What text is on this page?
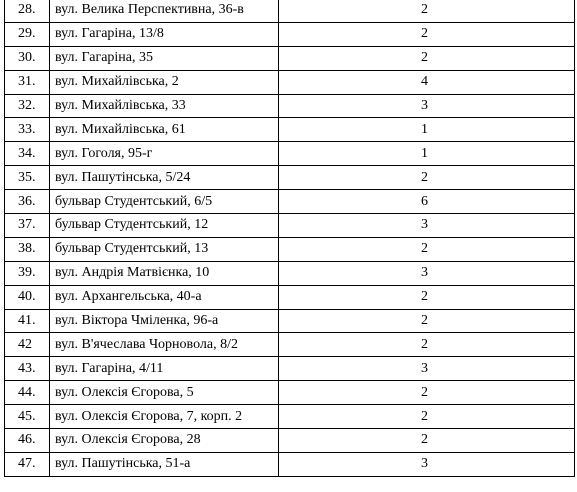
28.	вул. Велика Перспективна, 36-в	2
29.	вул. Гагаріна, 13/8	2
30.	вул. Гагаріна, 35	2
31.	вул. Михайлівська, 2	4
32.	вул. Михайлівська, 33	3
33.	вул. Михайлівська, 61	1
34.	вул. Гоголя, 95-г	1
35.	вул. Пашутінська, 5/24	2
36.	бульвар Студентський, 6/5	6
37.	бульвар Студентський, 12	3
38.	бульвар Студентський, 13	2
39.	вул. Андрія Матвієнка, 10	3
40.	вул. Архангельська, 40-а	2
41.	вул. Віктора Чміленка, 96-а	2
42	вул. В'ячеслава Чорновола, 8/2	2
43.	вул. Гагаріна, 4/11	3
44.	вул. Олексія Єгорова, 5	2
45.	вул. Олексія Єгорова, 7, корп. 2	2
46.	вул. Олексія Єгорова, 28	2
47.	вул. Пашутінська, 51-а	3
